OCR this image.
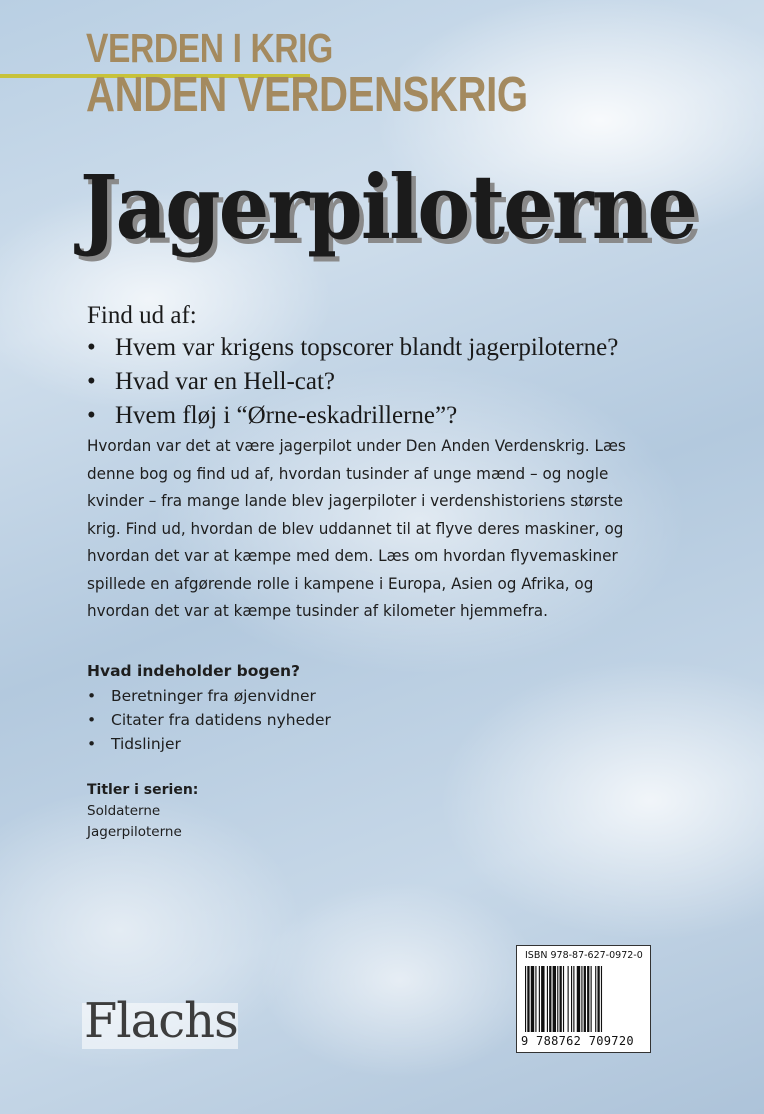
VERDEN I KRIG
ANDEN VERDENSKRIG
Jagerpiloterne
Find ud af:
• Hvem var krigens topscorer blandt jagerpiloterne?
• Hvad var en Hell-cat?
• Hvem fløj i “Ørne-eskadrillerne”?

Hvordan var det at være jagerpilot under Den Anden Verdenskrig. Læs denne bog og find ud af, hvordan tusinder af unge mænd – og nogle kvinder – fra mange lande blev jagerpiloter i verdenshistoriens største krig. Find ud, hvordan de blev uddannet til at flyve deres maskiner, og hvordan det var at kæmpe med dem. Læs om hvordan flyvemaskiner spillede en afgørende rolle i kampene i Europa, Asien og Afrika, og hvordan det var at kæmpe tusinder af kilometer hjemmefra.

Hvad indeholder bogen?
• Beretninger fra øjenvidner
• Citater fra datidens nyheder
• Tidslinjer
Titler i serien:
Soldaterne
Jagerpiloterne
Flachs
ISBN 978-87-627-0972-0
9 788762 709720
